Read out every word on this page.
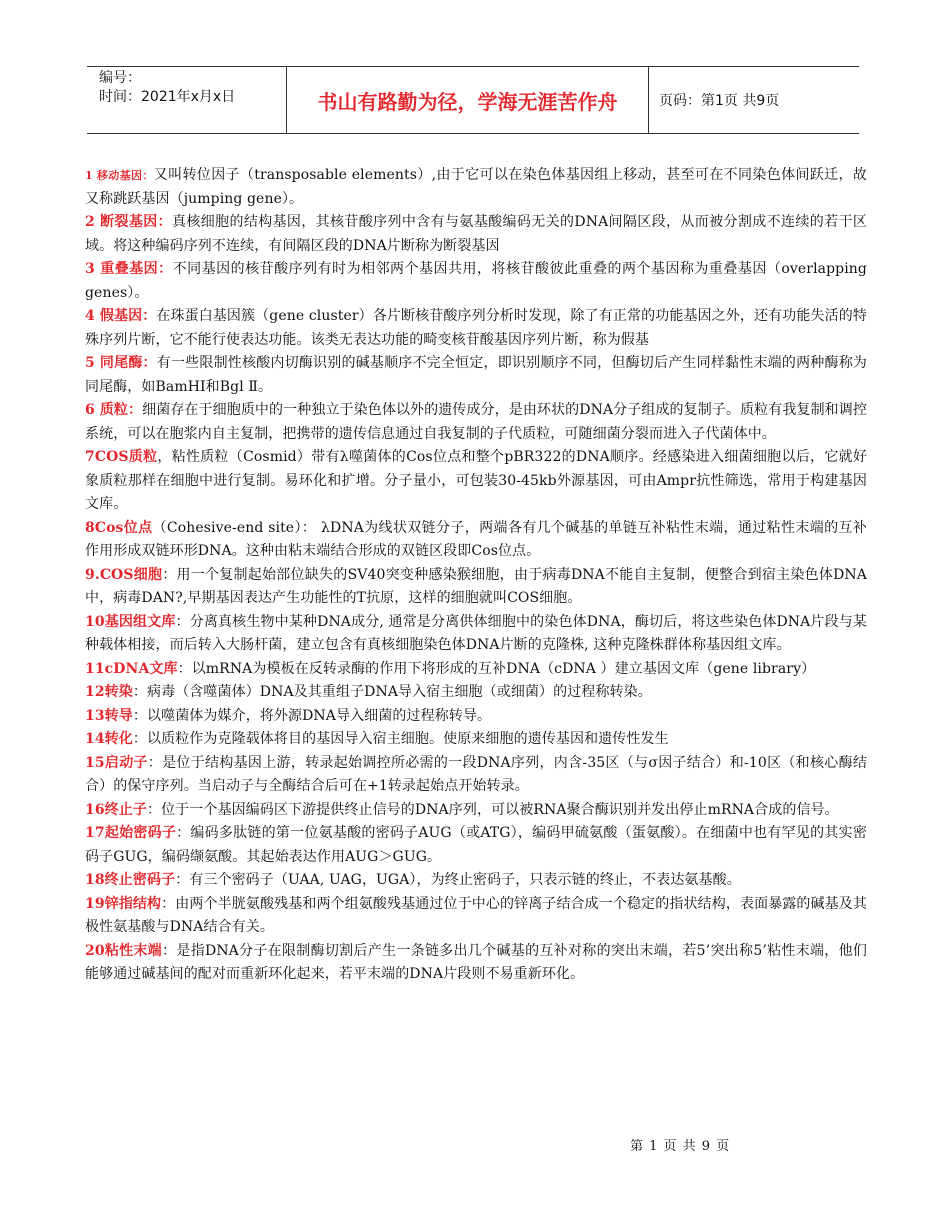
编号：
时间：2021年x月x日	书山有路勤为径，学海无涯苦作舟	页码：第1页 共9页

1 移动基因：又叫转位因子（transposable elements）,由于它可以在染色体基因组上移动，甚至可在不同染色体间跃迁，故又称跳跃基因（jumping gene）。

2 断裂基因：真核细胞的结构基因，其核苷酸序列中含有与氨基酸编码无关的DNA间隔区段，从而被分割成不连续的若干区域。将这种编码序列不连续，有间隔区段的DNA片断称为断裂基因

3 重叠基因：不同基因的核苷酸序列有时为相邻两个基因共用，将核苷酸彼此重叠的两个基因称为重叠基因（overlapping genes）。

4 假基因：在珠蛋白基因簇（gene cluster）各片断核苷酸序列分析时发现，除了有正常的功能基因之外，还有功能失活的特殊序列片断，它不能行使表达功能。该类无表达功能的畸变核苷酸基因序列片断，称为假基

5 同尾酶：有一些限制性核酸内切酶识别的碱基顺序不完全恒定，即识别顺序不同，但酶切后产生同样黏性末端的两种酶称为同尾酶，如BamHI和Bgl Ⅱ。

6 质粒：细菌存在于细胞质中的一种独立于染色体以外的遗传成分，是由环状的DNA分子组成的复制子。质粒有我复制和调控系统，可以在胞浆内自主复制，把携带的遗传信息通过自我复制的子代质粒，可随细菌分裂而进入子代菌体中。

7COS质粒，粘性质粒（Cosmid）带有λ噬菌体的Cos位点和整个pBR322的DNA顺序。经感染进入细菌细胞以后，它就好象质粒那样在细胞中进行复制。易环化和扩增。分子量小，可包装30-45kb外源基因，可由Ampr抗性筛选，常用于构建基因文库。

8Cos位点（Cohesive-end site）： λDNA为线状双链分子，两端各有几个碱基的单链互补粘性末端，通过粘性末端的互补作用形成双链环形DNA。这种由粘末端结合形成的双链区段即Cos位点。

9.COS细胞：用一个复制起始部位缺失的SV40突变种感染猴细胞，由于病毒DNA不能自主复制，便整合到宿主染色体DNA中，病毒DAN?,早期基因表达产生功能性的T抗原，这样的细胞就叫COS细胞。

10基因组文库：分离真核生物中某种DNA成分, 通常是分离供体细胞中的染色体DNA，酶切后，将这些染色体DNA片段与某种载体相接，而后转入大肠杆菌，建立包含有真核细胞染色体DNA片断的克隆株, 这种克隆株群体称基因组文库。

11cDNA文库：以mRNA为模板在反转录酶的作用下将形成的互补DNA（cDNA ）建立基因文库（gene library）

12转染：病毒（含噬菌体）DNA及其重组子DNA导入宿主细胞（或细菌）的过程称转染。

13转导：以噬菌体为媒介，将外源DNA导入细菌的过程称转导。

14转化：以质粒作为克隆载体将目的基因导入宿主细胞。使原来细胞的遗传基因和遗传性发生

15启动子：是位于结构基因上游，转录起始调控所必需的一段DNA序列，内含-35区（与σ因子结合）和-10区（和核心酶结合）的保守序列。当启动子与全酶结合后可在+1转录起始点开始转录。

16终止子：位于一个基因编码区下游提供终止信号的DNA序列，可以被RNA聚合酶识别并发出停止mRNA合成的信号。

17起始密码子：编码多肽链的第一位氨基酸的密码子AUG（或ATG），编码甲硫氨酸（蛋氨酸）。在细菌中也有罕见的其实密码子GUG，编码缬氨酸。其起始表达作用AUG＞GUG。

18终止密码子：有三个密码子（UAA, UAG，UGA），为终止密码子，只表示链的终止，不表达氨基酸。

19锌指结构：由两个半胱氨酸残基和两个组氨酸残基通过位于中心的锌离子结合成一个稳定的指状结构，表面暴露的碱基及其极性氨基酸与DNA结合有关。

20粘性末端：是指DNA分子在限制酶切割后产生一条链多出几个碱基的互补对称的突出末端，若5’突出称5’粘性末端，他们能够通过碱基间的配对而重新环化起来，若平末端的DNA片段则不易重新环化。

第 1 页 共 9 页
